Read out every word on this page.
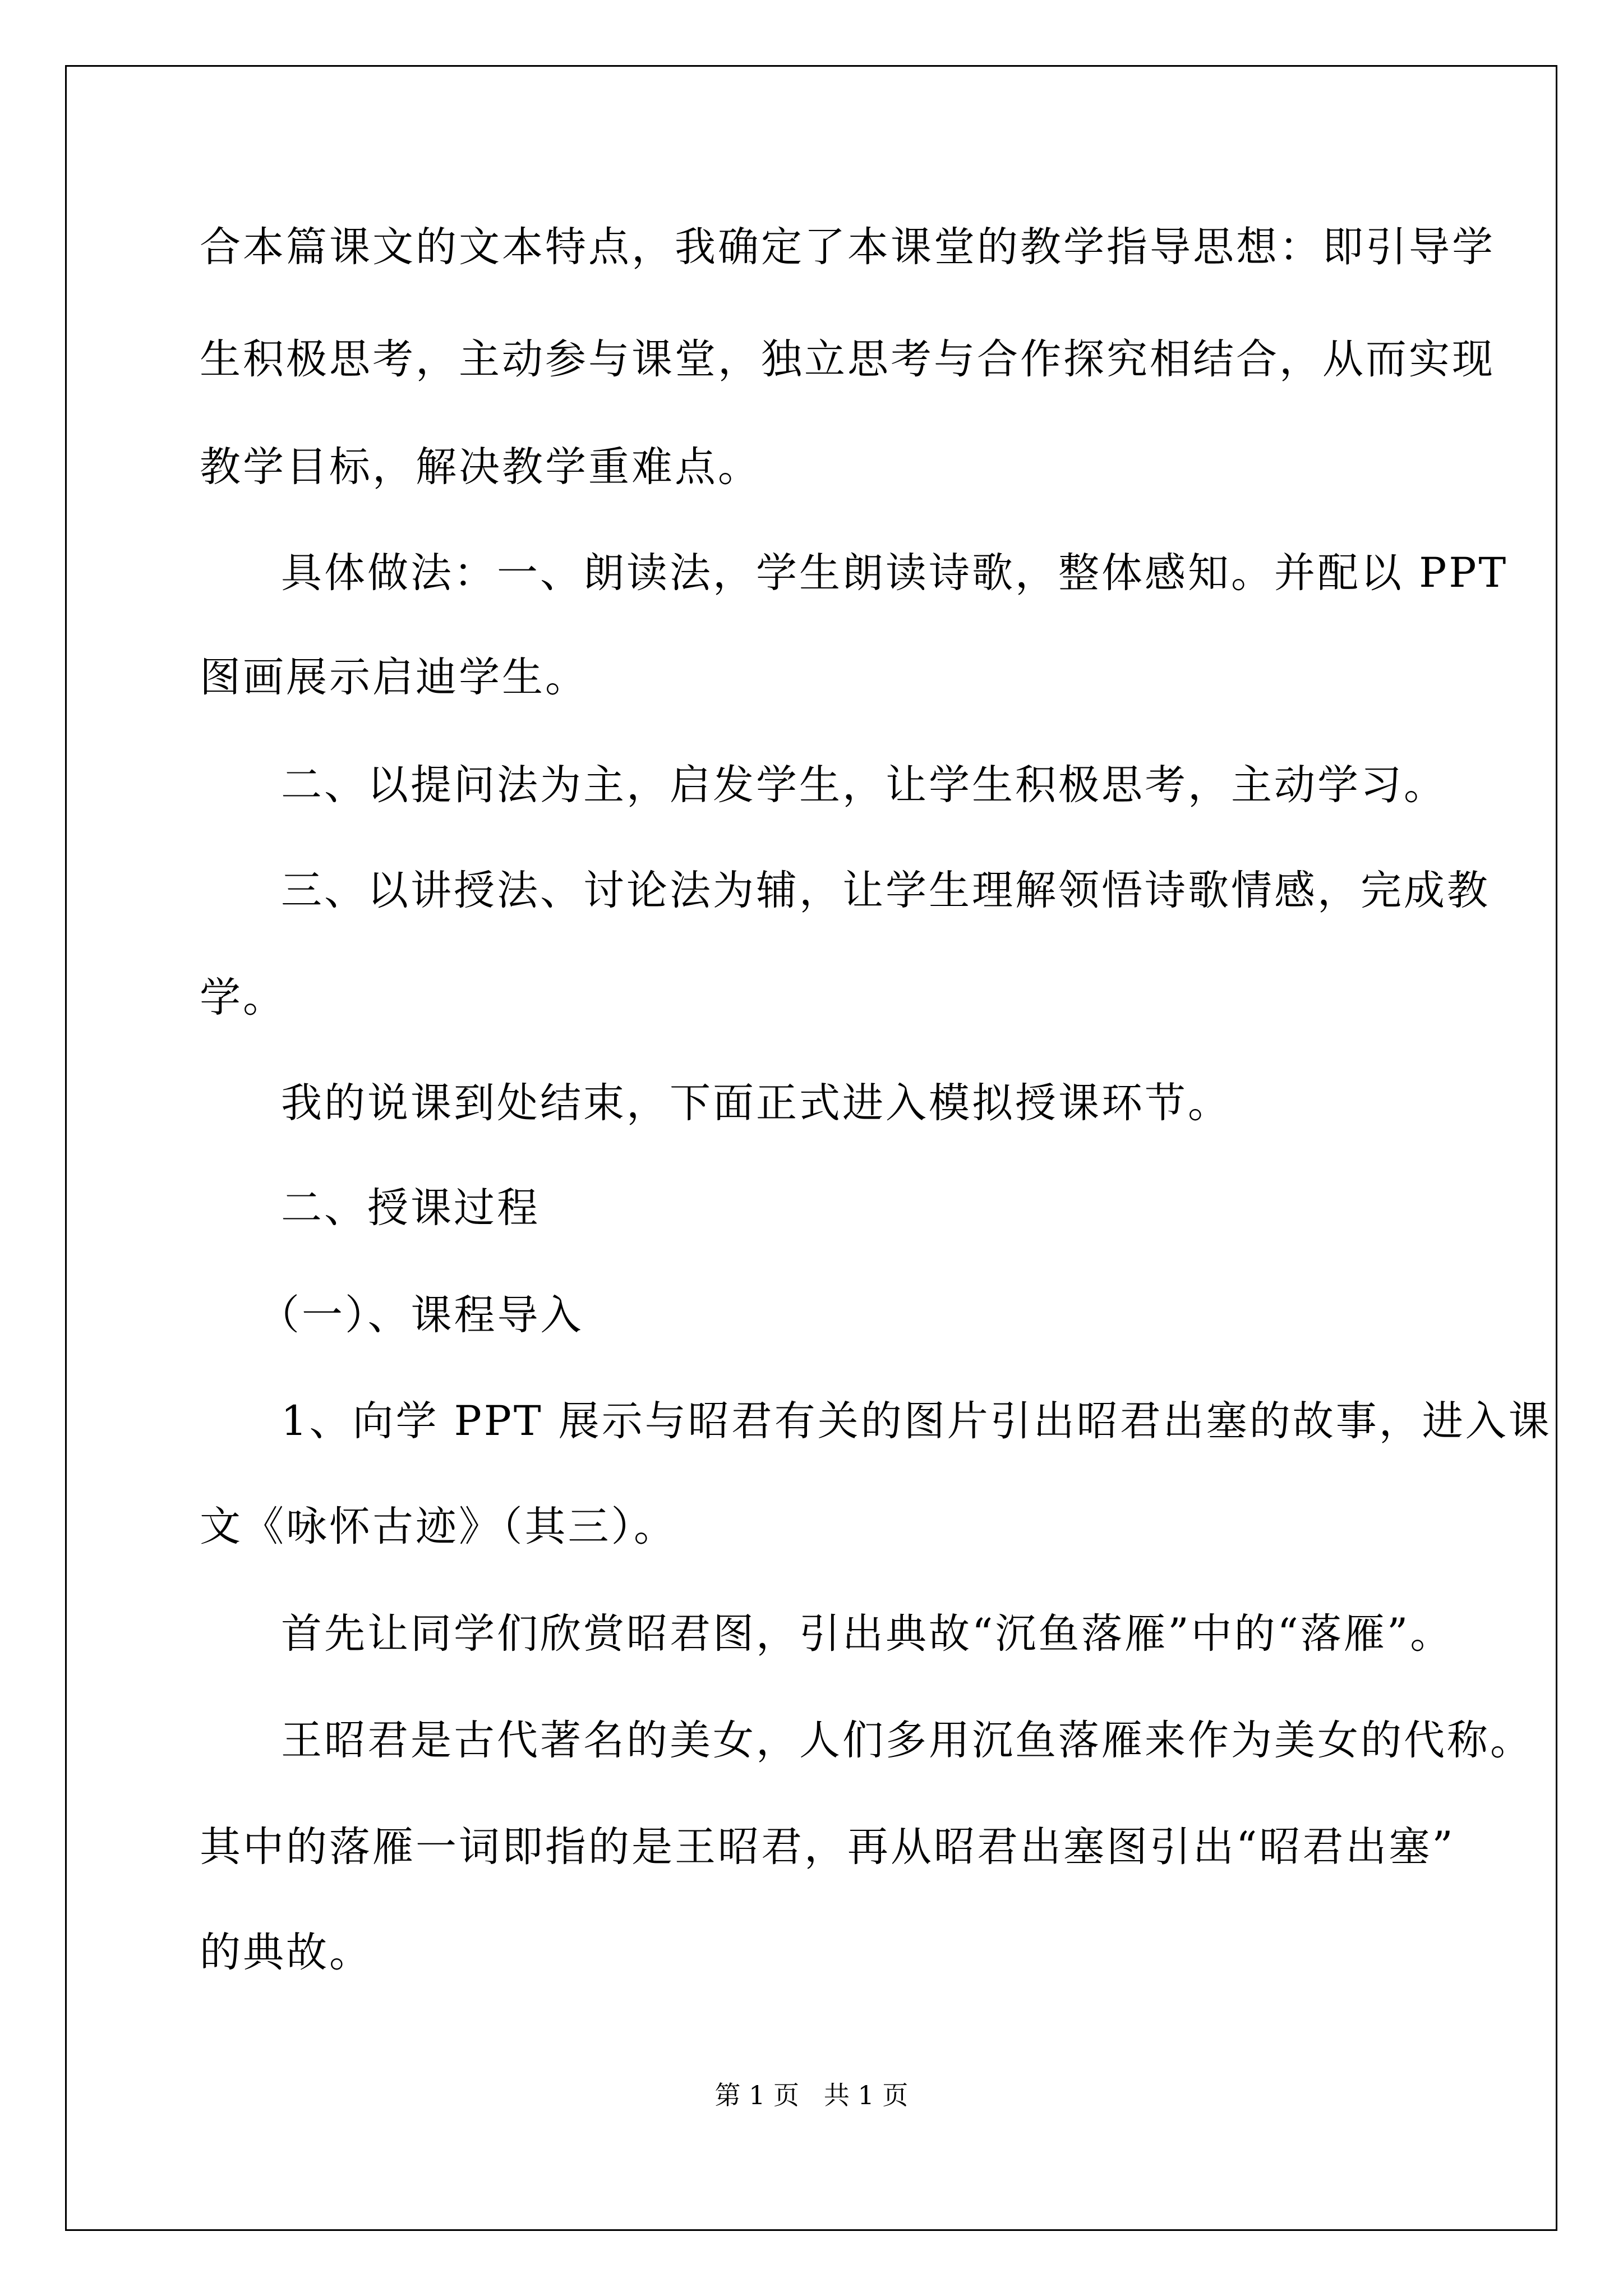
合本篇课文的文本特点，我确定了本课堂的教学指导思想：即引导学
生积极思考，主动参与课堂，独立思考与合作探究相结合，从而实现
教学目标，解决教学重难点。
具体做法：一、朗读法，学生朗读诗歌，整体感知。并配以 PPT
图画展示启迪学生。
二、以提问法为主，启发学生，让学生积极思考，主动学习。
三、以讲授法、讨论法为辅，让学生理解领悟诗歌情感，完成教
学。
我的说课到处结束，下面正式进入模拟授课环节。
二、授课过程
（一）、课程导入
1、向学 PPT 展示与昭君有关的图片引出昭君出塞的故事，进入课
文《咏怀古迹》（其三）。
首先让同学们欣赏昭君图，引出典故“沉鱼落雁”中的“落雁”。
王昭君是古代著名的美女，人们多用沉鱼落雁来作为美女的代称。
其中的落雁一词即指的是王昭君，再从昭君出塞图引出“昭君出塞”
的典故。
第 1 页   共 1 页
